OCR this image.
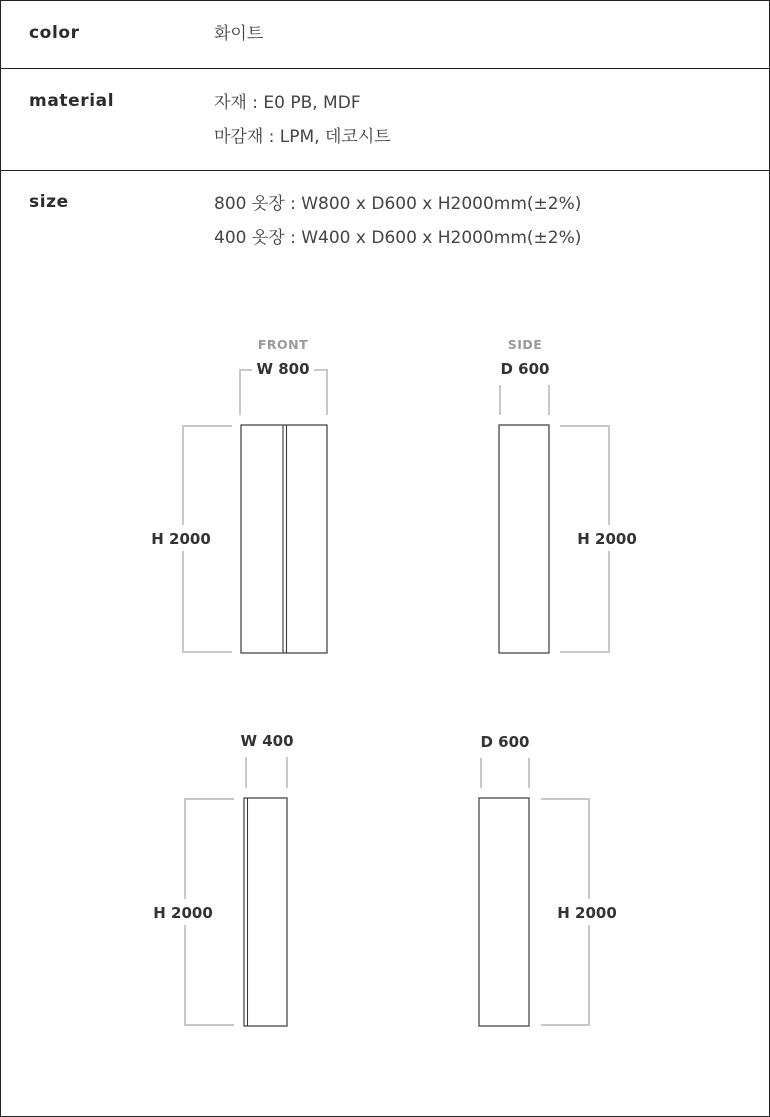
color	화이트
material	자재 : E0 PB, MDF
마감재 : LPM, 데코시트
size	800 옷장 : W800 x D600 x H2000mm(±2%)
400 옷장 : W400 x D600 x H2000mm(±2%)
FRONT
W 800
H 2000
SIDE
D 600
H 2000
W 400
H 2000
D 600
H 2000
